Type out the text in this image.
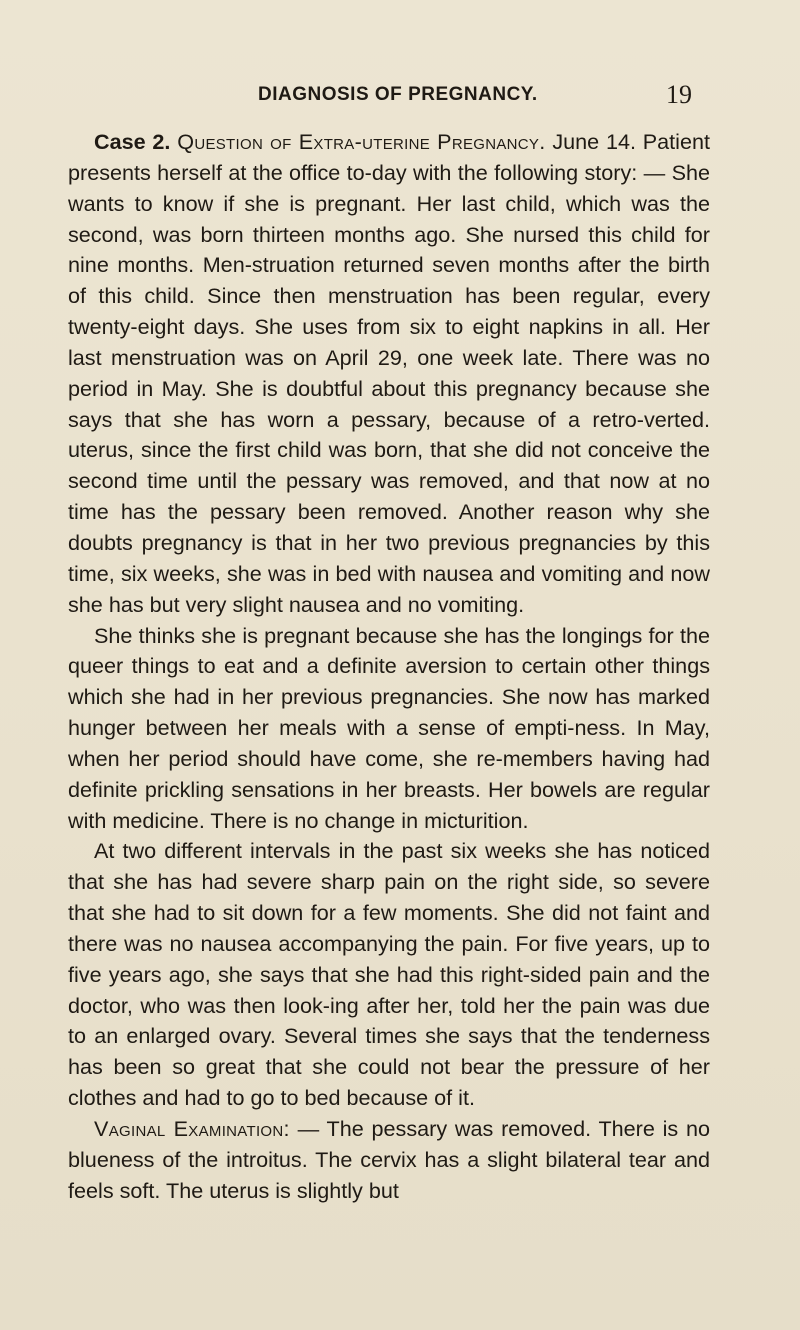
DIAGNOSIS OF PREGNANCY.	19

Case 2. Question of Extra-uterine Pregnancy. June 14. Patient presents herself at the office to-day with the following story: — She wants to know if she is pregnant. Her last child, which was the second, was born thirteen months ago. She nursed this child for nine months. Men-struation returned seven months after the birth of this child. Since then menstruation has been regular, every twenty-eight days. She uses from six to eight napkins in all. Her last menstruation was on April 29, one week late. There was no period in May. She is doubtful about this pregnancy because she says that she has worn a pessary, because of a retro-verted. uterus, since the first child was born, that she did not conceive the second time until the pessary was removed, and that now at no time has the pessary been removed. Another reason why she doubts pregnancy is that in her two previous pregnancies by this time, six weeks, she was in bed with nausea and vomiting and now she has but very slight nausea and no vomiting.

She thinks she is pregnant because she has the longings for the queer things to eat and a definite aversion to certain other things which she had in her previous pregnancies. She now has marked hunger between her meals with a sense of empti-ness. In May, when her period should have come, she re-members having had definite prickling sensations in her breasts. Her bowels are regular with medicine. There is no change in micturition.

At two different intervals in the past six weeks she has noticed that she has had severe sharp pain on the right side, so severe that she had to sit down for a few moments. She did not faint and there was no nausea accompanying the pain. For five years, up to five years ago, she says that she had this right-sided pain and the doctor, who was then look-ing after her, told her the pain was due to an enlarged ovary. Several times she says that the tenderness has been so great that she could not bear the pressure of her clothes and had to go to bed because of it.

Vaginal Examination: — The pessary was removed. There is no blueness of the introitus. The cervix has a slight bilateral tear and feels soft. The uterus is slightly but
